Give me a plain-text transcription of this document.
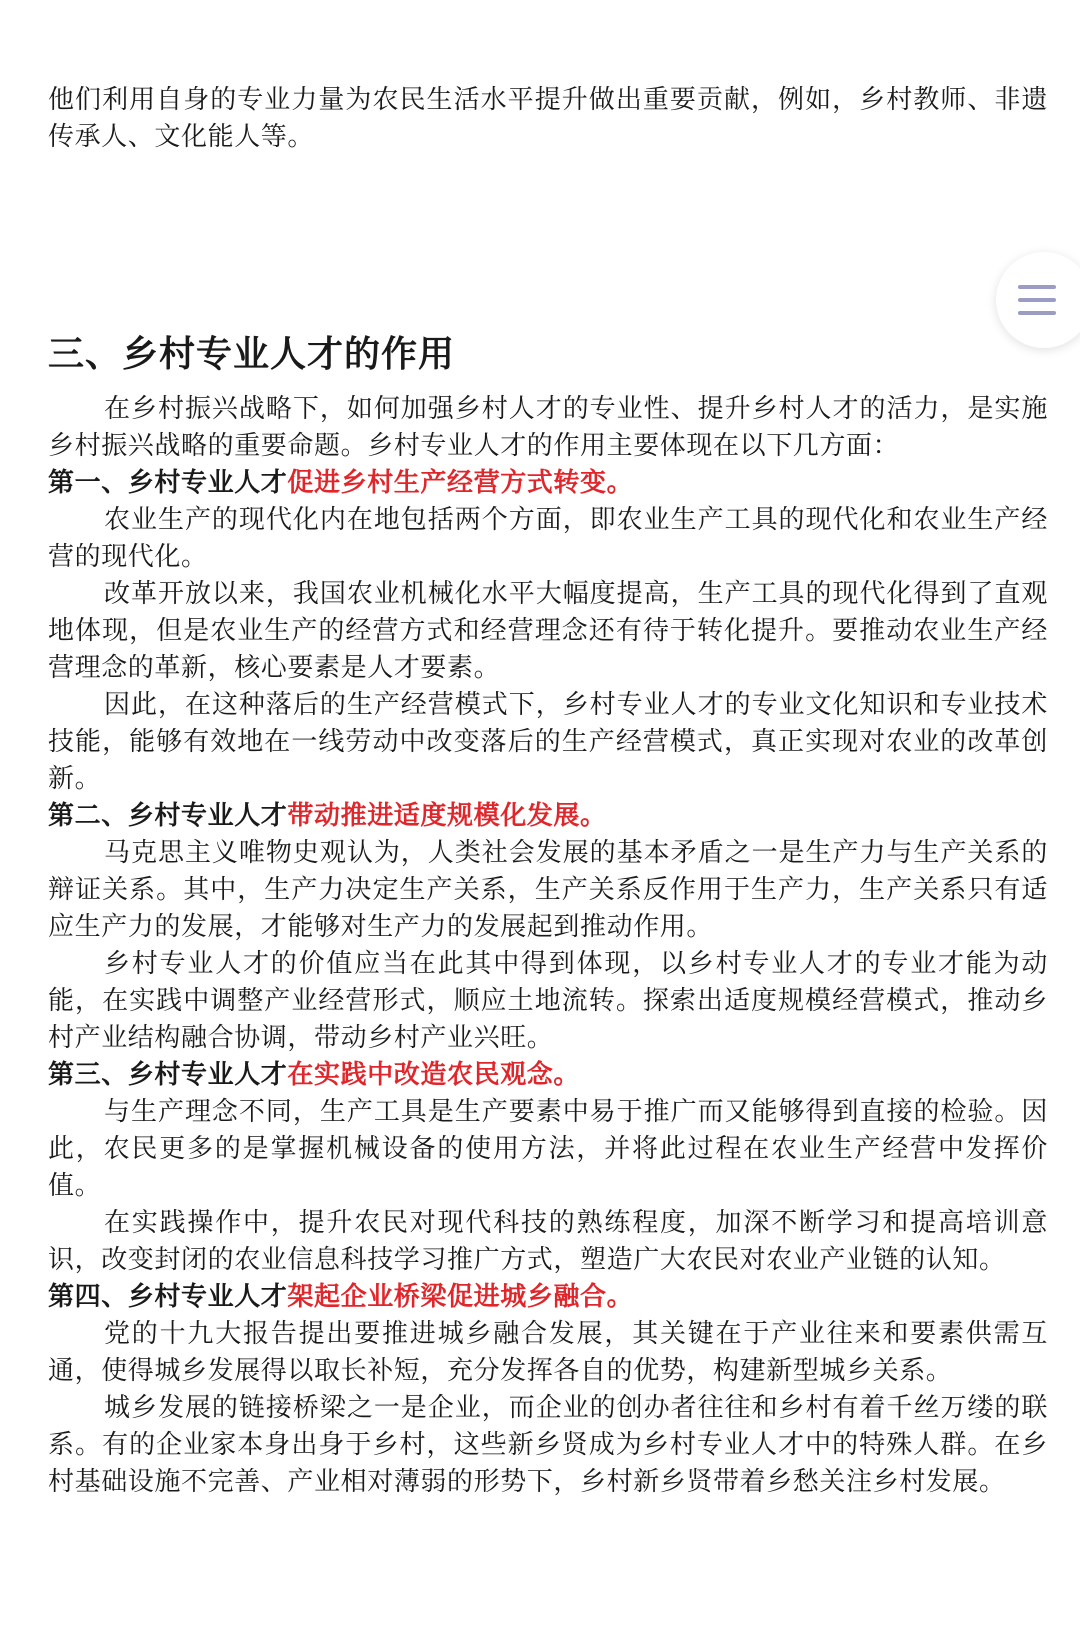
他们利用自身的专业力量为农民生活水平提升做出重要贡献，例如，乡村教师、非遗传承人、文化能人等。

三、乡村专业人才的作用

在乡村振兴战略下，如何加强乡村人才的专业性、提升乡村人才的活力，是实施乡村振兴战略的重要命题。乡村专业人才的作用主要体现在以下几方面：

第一、乡村专业人才促进乡村生产经营方式转变。

农业生产的现代化内在地包括两个方面，即农业生产工具的现代化和农业生产经营的现代化。

改革开放以来，我国农业机械化水平大幅度提高，生产工具的现代化得到了直观地体现，但是农业生产的经营方式和经营理念还有待于转化提升。要推动农业生产经营理念的革新，核心要素是人才要素。

因此，在这种落后的生产经营模式下，乡村专业人才的专业文化知识和专业技术技能，能够有效地在一线劳动中改变落后的生产经营模式，真正实现对农业的改革创新。

第二、乡村专业人才带动推进适度规模化发展。

马克思主义唯物史观认为，人类社会发展的基本矛盾之一是生产力与生产关系的辩证关系。其中，生产力决定生产关系，生产关系反作用于生产力，生产关系只有适应生产力的发展，才能够对生产力的发展起到推动作用。

乡村专业人才的价值应当在此其中得到体现，以乡村专业人才的专业才能为动能，在实践中调整产业经营形式，顺应土地流转。探索出适度规模经营模式，推动乡村产业结构融合协调，带动乡村产业兴旺。

第三、乡村专业人才在实践中改造农民观念。

与生产理念不同，生产工具是生产要素中易于推广而又能够得到直接的检验。因此，农民更多的是掌握机械设备的使用方法，并将此过程在农业生产经营中发挥价值。

在实践操作中，提升农民对现代科技的熟练程度，加深不断学习和提高培训意识，改变封闭的农业信息科技学习推广方式，塑造广大农民对农业产业链的认知。

第四、乡村专业人才架起企业桥梁促进城乡融合。

党的十九大报告提出要推进城乡融合发展，其关键在于产业往来和要素供需互通，使得城乡发展得以取长补短，充分发挥各自的优势，构建新型城乡关系。

城乡发展的链接桥梁之一是企业，而企业的创办者往往和乡村有着千丝万缕的联系。有的企业家本身出身于乡村，这些新乡贤成为乡村专业人才中的特殊人群。在乡村基础设施不完善、产业相对薄弱的形势下，乡村新乡贤带着乡愁关注乡村发展。
